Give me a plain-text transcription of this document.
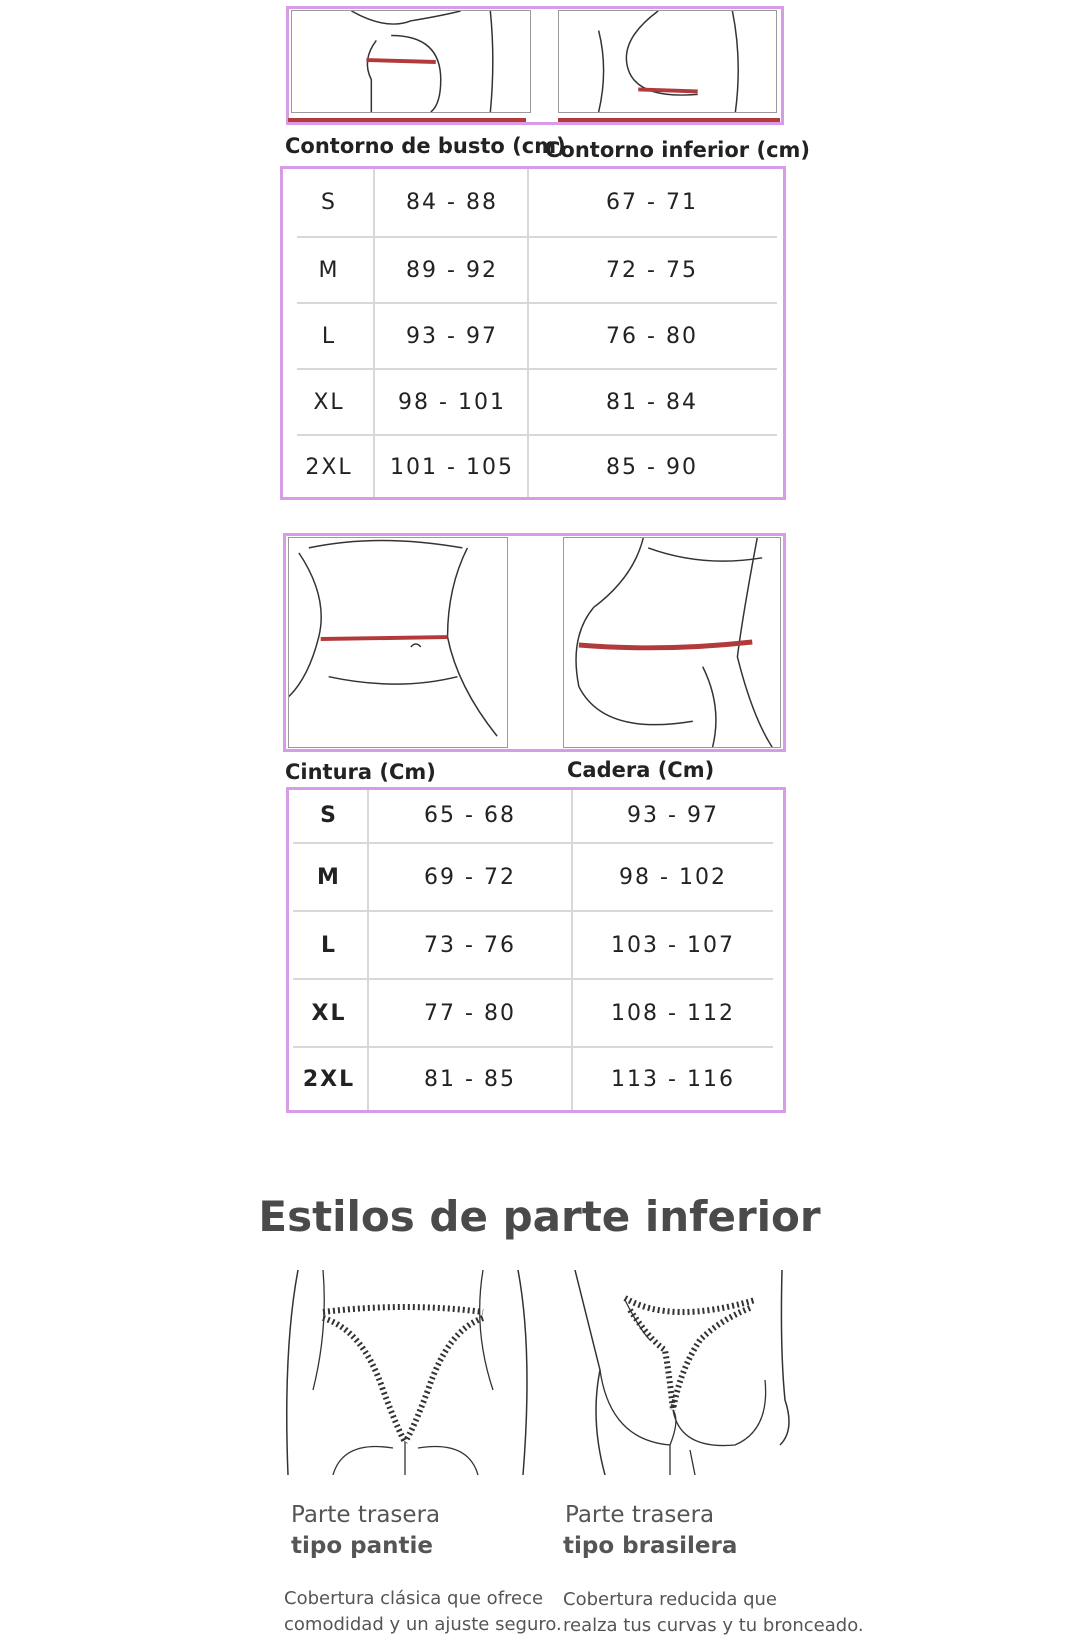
Contorno de busto (cm)
Contorno inferior (cm)
S	84 - 88	67 - 71
M	89 - 92	72 - 75
L	93 - 97	76 - 80
XL	98 - 101	81 - 84
2XL	101 - 105	85 - 90
Cintura (Cm)	Cadera (Cm)
S	65 - 68	93 - 97
M	69 - 72	98 - 102
L	73 - 76	103 - 107
XL	77 - 80	108 - 112
2XL	81 - 85	113 - 116
Estilos de parte inferior
Parte trasera
tipo pantie
Cobertura clásica que ofrece
comodidad y un ajuste seguro.
Parte trasera
tipo brasilera
Cobertura reducida que
realza tus curvas y tu bronceado.
